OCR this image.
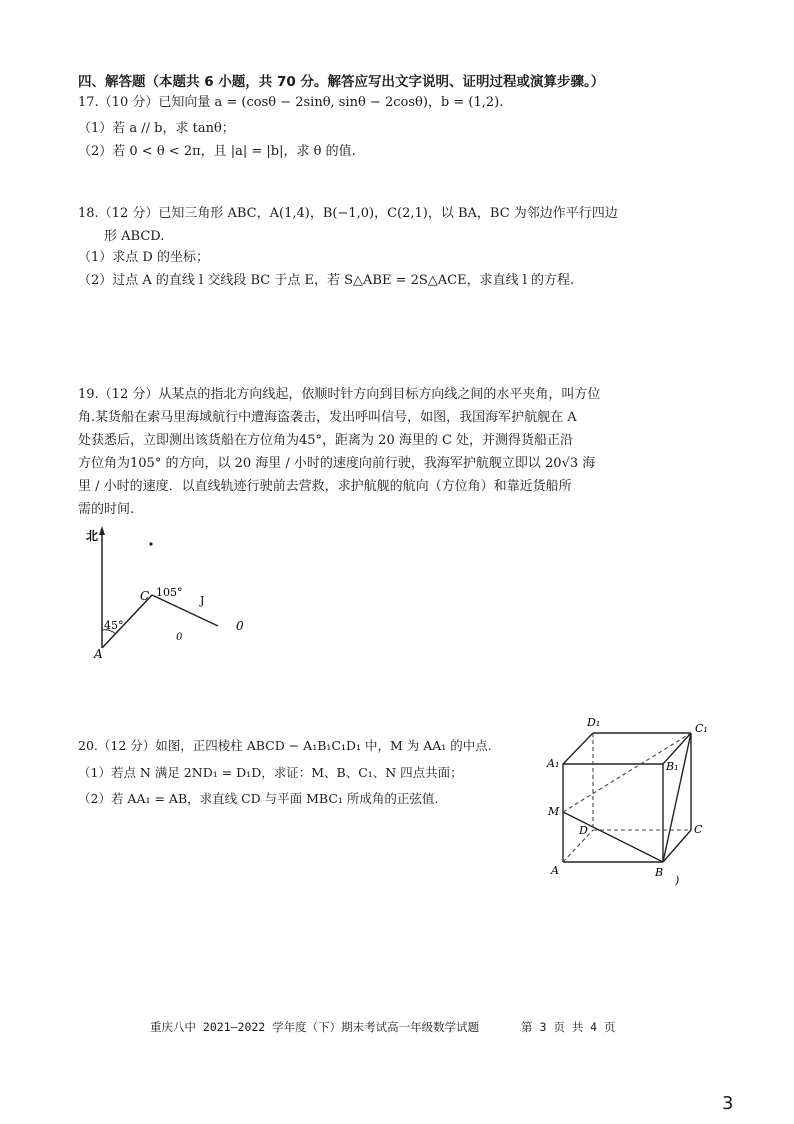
四、解答题（本题共 6 小题，共 70 分。解答应写出文字说明、证明过程或演算步骤。）
17.（10 分）已知向量 a = (cosθ − 2sinθ, sinθ − 2cosθ)，b = (1,2).
（1）若 a // b，求 tanθ；
（2）若 0 < θ < 2π，且 |a| = |b|，求 θ 的值.
18.（12 分）已知三角形 ABC，A(1,4)，B(−1,0)，C(2,1)，以 BA，BC 为邻边作平行四边
形 ABCD.
（1）求点 D 的坐标；
（2）过点 A 的直线 l 交线段 BC 于点 E，若 S△ABE = 2S△ACE，求直线 l 的方程.
19.（12 分）从某点的指北方向线起，依顺时针方向到目标方向线之间的水平夹角，叫方位
角.某货船在索马里海域航行中遭海盗袭击，发出呼叫信号，如图，我国海军护航舰在 A
处获悉后，立即测出该货船在方位角为45°，距离为 20 海里的 C 处，并测得货船正沿
方位角为105° 的方向，以 20 海里 / 小时的速度向前行驶，我海军护航舰立即以 20√3 海
里 / 小时的速度．以直线轨迹行驶前去营救，求护航舰的航向（方位角）和靠近货船所
需的时间.
北
C 105°
45°
A
J
0
0
20.（12 分）如图，正四棱柱 ABCD − A₁B₁C₁D₁ 中，M 为 AA₁ 的中点.
（1）若点 N 满足 2ND₁ = D₁D，求证：M、B、C₁、N 四点共面；
（2）若 AA₁ = AB，求直线 CD 与平面 MBC₁ 所成角的正弦值.
D₁	C₁
A₁	B₁
M
D	C
A	B
)
重庆八中 2021—2022 学年度（下）期末考试高一年级数学试题	第 3 页 共 4 页
3
